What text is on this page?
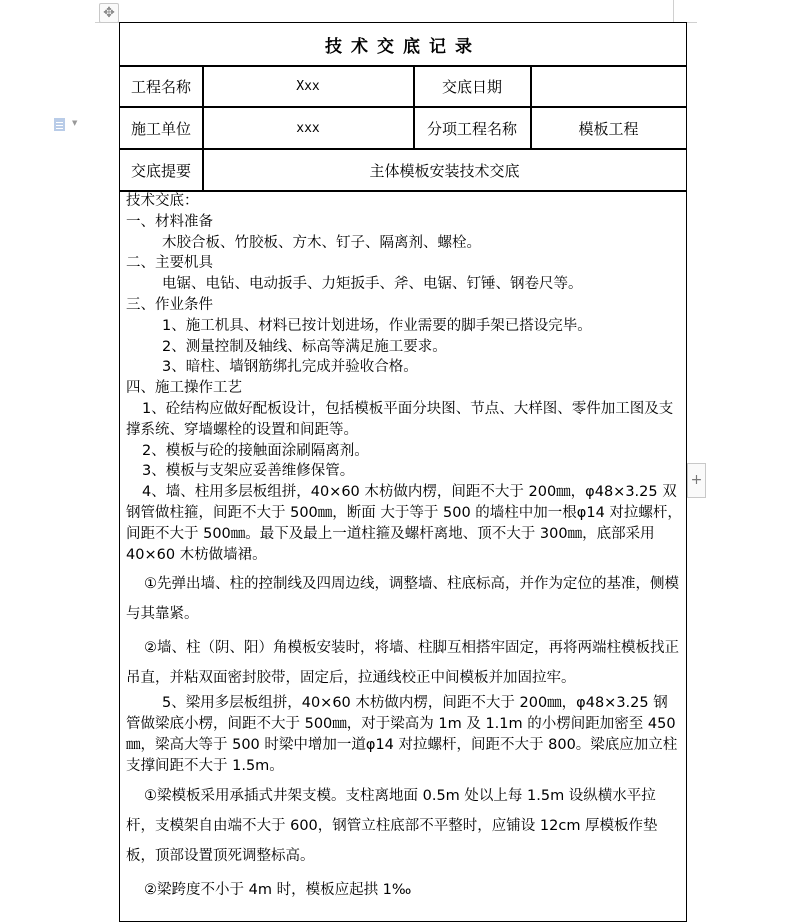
✥
▼
+
技术交底记录
工程名称	Xxx	交底日期
施工单位	xxx	分项工程名称	模板工程
交底提要	主体模板安装技术交底

技术交底：

一、材料准备

木胶合板、竹胶板、方木、钉子、隔离剂、螺栓。

二、主要机具

电锯、电钻、电动扳手、力矩扳手、斧、电锯、钉锤、钢卷尺等。

三、作业条件

1、施工机具、材料已按计划进场，作业需要的脚手架已搭设完毕。

2、测量控制及轴线、标高等满足施工要求。

3、暗柱、墙钢筋绑扎完成并验收合格。

四、施工操作工艺

1、砼结构应做好配板设计，包括模板平面分块图、节点、大样图、零件加工图及支撑系统、穿墙螺栓的设置和间距等。

2、模板与砼的接触面涂刷隔离剂。

3、模板与支架应妥善维修保管。

4、墙、柱用多层板组拼，40×60 木枋做内楞，间距不大于 200㎜，φ48×3.25 双钢管做柱箍，间距不大于 500㎜，断面 大于等于 500 的墙柱中加一根φ14 对拉螺杆，间距不大于 500㎜。最下及最上一道柱箍及螺杆离地、顶不大于 300㎜，底部采用 40×60 木枋做墙裙。

①先弹出墙、柱的控制线及四周边线，调整墙、柱底标高，并作为定位的基准，侧模与其靠紧。

②墙、柱（阴、阳）角模板安装时，将墙、柱脚互相搭牢固定，再将两端柱模板找正吊直，并粘双面密封胶带，固定后，拉通线校正中间模板并加固拉牢。

5、梁用多层板组拼，40×60 木枋做内楞，间距不大于 200㎜，φ48×3.25 钢管做梁底小楞，间距不大于 500㎜，对于梁高为 1m 及 1.1m 的小楞间距加密至 450㎜，梁高大等于 500 时梁中增加一道φ14 对拉螺杆，间距不大于 800。梁底应加立柱支撑间距不大于 1.5m。

①梁模板采用承插式井架支模。支柱离地面 0.5m 处以上每 1.5m 设纵横水平拉杆，支模架自由端不大于 600，钢管立柱底部不平整时，应铺设 12cm 厚模板作垫板，顶部设置顶死调整标高。

②梁跨度不小于 4m 时，模板应起拱 1‰
